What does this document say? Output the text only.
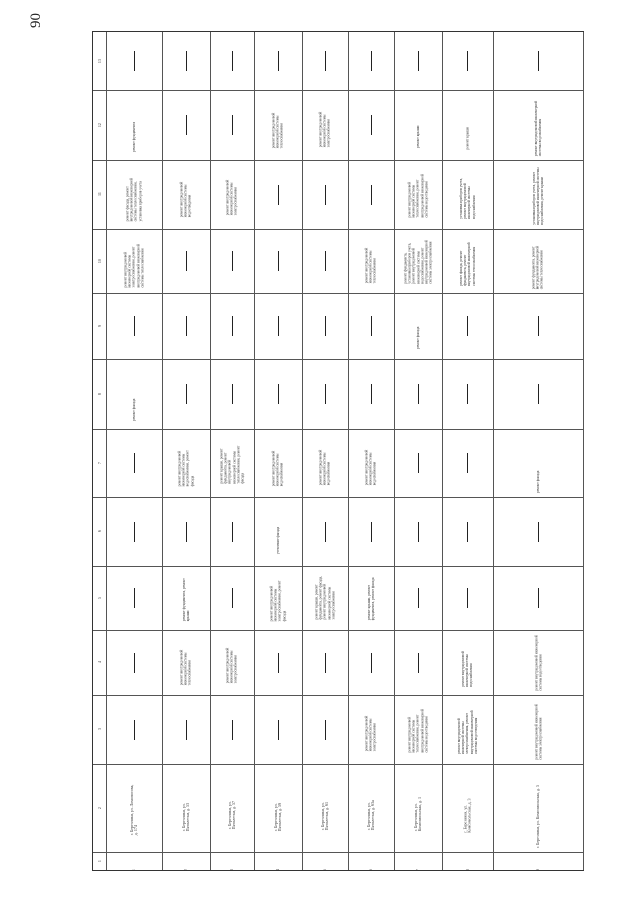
90
13
12
11
10
9
8
7
6
5
4
3
2
1
ремонт фундамента
ремонт фасада, ремонт внутридомовой инженерной системы теплоснабжения, установка приборов учета
ремонт внутридомовой инженерной системы электроснабжения, ремонт внутридомовой инженерной системы теплоснабжения
ремонт фасада
г. Березники, ул. Ломоносова, д. 174
1
ремонт внутридомовой инженерной системы водоотведения
ремонт внутридомовой инженерной системы водоснабжения, ремонт фасада
ремонт фундамента, ремонт крыши
ремонт внутридомовой инженерной системы теплоснабжения
г. Березники, ул. Пятилетки, д. 53
2
ремонт внутридомовой инженерной системы электроснабжения
ремонт крыши, ремонт фундамента, ремонт внутридомовой инженерной системы теплоснабжения, ремонт фасада
ремонт внутридомовой инженерной системы электроснабжения
г. Березники, ул. Пятилетки, д. 57
3
ремонт внутридомовой инженерной системы теплоснабжения
ремонт внутридомовой инженерной системы водоснабжения
утепление фасада
ремонт внутридомовой инженерной системы электроснабжения, ремонт фасада
г. Березники, ул. Пятилетки, д. 59
4
ремонт внутридомовой инженерной системы электроснабжения
ремонт внутридомовой инженерной системы водоснабжения
ремонт крыши, ремонт фундамента, ремонт фасада, ремонт внутридомовой инженерной системы электроснабжения
г. Березники, ул. Пятилетки, д. 61
5
ремонт внутридомовой инженерной системы теплоснабжения
ремонт внутридомовой инженерной системы водоснабжения
ремонт крыши, ремонт фундамента, ремонт фасада
ремонт внутридомовой инженерной системы электроснабжения
г. Березники, ул. Пятилетки, д. 63а
6
ремонт крыши
ремонт внутридомовой инженерной системы теплоснабжения, ремонт внутридомовой инженерной системы водоотведения
ремонт фундамента, установка приборов учета, ремонт внутридомовой инженерной системы водоснабжения, ремонт внутридомовой инженерной системы электроснабжения
ремонт фасада
ремонт внутридомовой инженерной системы теплоснабжения, ремонт внутридомовой инженерной системы водоотведения
г. Березники, ул. Комсомольская, д. 1
7
ремонт крыши
установка приборов учета, ремонт внутридомовой инженерной системы водоснабжения
ремонт фасада, ремонт фундамента, ремонт внутридомовой инженерной системы теплоснабжения
ремонт внутридомовой инженерной системы водоснабжения
ремонт внутридомовой инженерной системы электроснабжения, ремонт внутридомовой инженерной системы водоотведения
г. Березники, ул. Комсомольская, д. 3
8
ремонт внутридомовой инженерной системы водоснабжения
установка приборов учета, ремонт внутридомовой инженерной системы водоснабжения, ремонт крыши
ремонт фундамента, ремонт внутридомовой инженерной системы теплоснабжения
ремонт фасада
ремонт внутридомовой инженерной системы водоотведения
ремонт внутридомовой инженерной системы электроснабжения
г. Березники, ул. Комсомольская, д. 5
9
